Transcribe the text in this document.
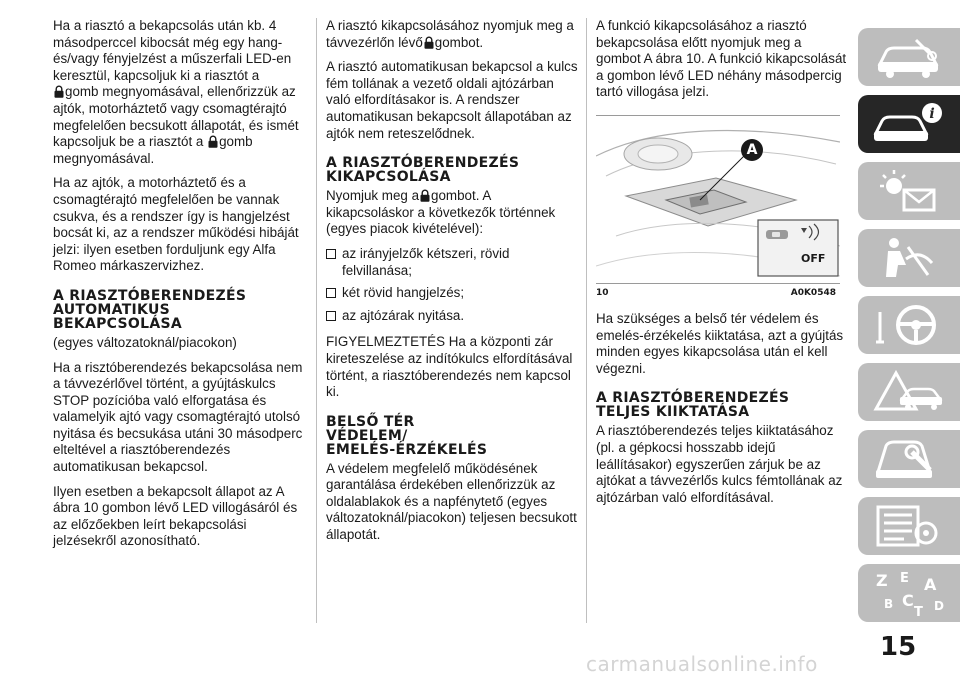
Ha a riasztó a bekapcsolás után kb. 4 másodperccel kibocsát még egy hang- és/vagy fényjelzést a műszerfali LED-en keresztül, kapcsoljuk ki a riasztót a
gomb megnyomásával, ellenőrizzük az ajtók, motorháztető vagy csomagtérajtó megfelelően becsukott állapotát, és ismét kapcsoljuk be a riasztót a gomb megnyomásával.

Ha az ajtók, a motorháztető és a csomagtérajtó megfelelően be vannak csukva, és a rendszer így is hangjelzést bocsát ki, az a rendszer működési hibáját jelzi: ilyen esetben forduljunk egy Alfa Romeo márkaszervizhez.

A RIASZTÓBERENDEZÉS
AUTOMATIKUS
BEKAPCSOLÁSA

(egyes változatoknál/piacokon)

Ha a risztóberendezés bekapcsolása nem a távvezérlővel történt, a gyújtáskulcs STOP pozícióba való elforgatása és valamelyik ajtó vagy csomagtérajtó utolsó nyitása és becsukása utáni 30 másodperc elteltével a riasztóberendezés automatikusan bekapcsol.

Ilyen esetben a bekapcsolt állapot az A ábra 10 gombon lévő LED villogásáról és az előzőekben leírt bekapcsolási jelzésekről azonosítható.

A riasztó kikapcsolásához nyomjuk meg a távvezérlőn lévő gombot.

A riasztó automatikusan bekapcsol a kulcs fém tollának a vezető oldali ajtózárban való elfordításakor is. A rendszer automatikusan bekapcsolt állapotában az ajtók nem reteszelődnek.

A RIASZTÓBERENDEZÉS
KIKAPCSOLÁSA

Nyomjuk meg a gombot. A kikapcsoláskor a következők történnek (egyes piacok kivételével):

az irányjelzők kétszeri, rövid felvillanása;
két rövid hangjelzés;
az ajtózárak nyitása.

FIGYELMEZTETÉS Ha a központi zár kireteszelése az indítókulcs elfordításával történt, a riasztóberendezés nem kapcsol ki.

BELSŐ TÉR
VÉDELEM/
EMELÉS-ÉRZÉKELÉS

A védelem megfelelő működésének garantálása érdekében ellenőrizzük az oldalablakok és a napfénytető (egyes változatoknál/piacokon) teljesen becsukott állapotát.

A funkció kikapcsolásához a riasztó bekapcsolása előtt nyomjuk meg a gombot A ábra 10. A funkció kikapcsolását a gombon lévő LED néhány másodpercig tartó villogása jelzi.

A
OFF
10	A0K0548

Ha szükséges a belső tér védelem és emelés-érzékelés kiiktatása, azt a gyújtás minden egyes kikapcsolása után el kell végezni.

A RIASZTÓBERENDEZÉS
TELJES KIIKTATÁSA

A riasztóberendezés teljes kiiktatásához (pl. a gépkocsi hosszabb idejű leállításakor) egyszerűen zárjuk be az ajtókat a távvezérlős kulcs fémtollának az ajtózárban való elfordításával.

i
Z E A
B C
T D
15
carmanualsonline.info
